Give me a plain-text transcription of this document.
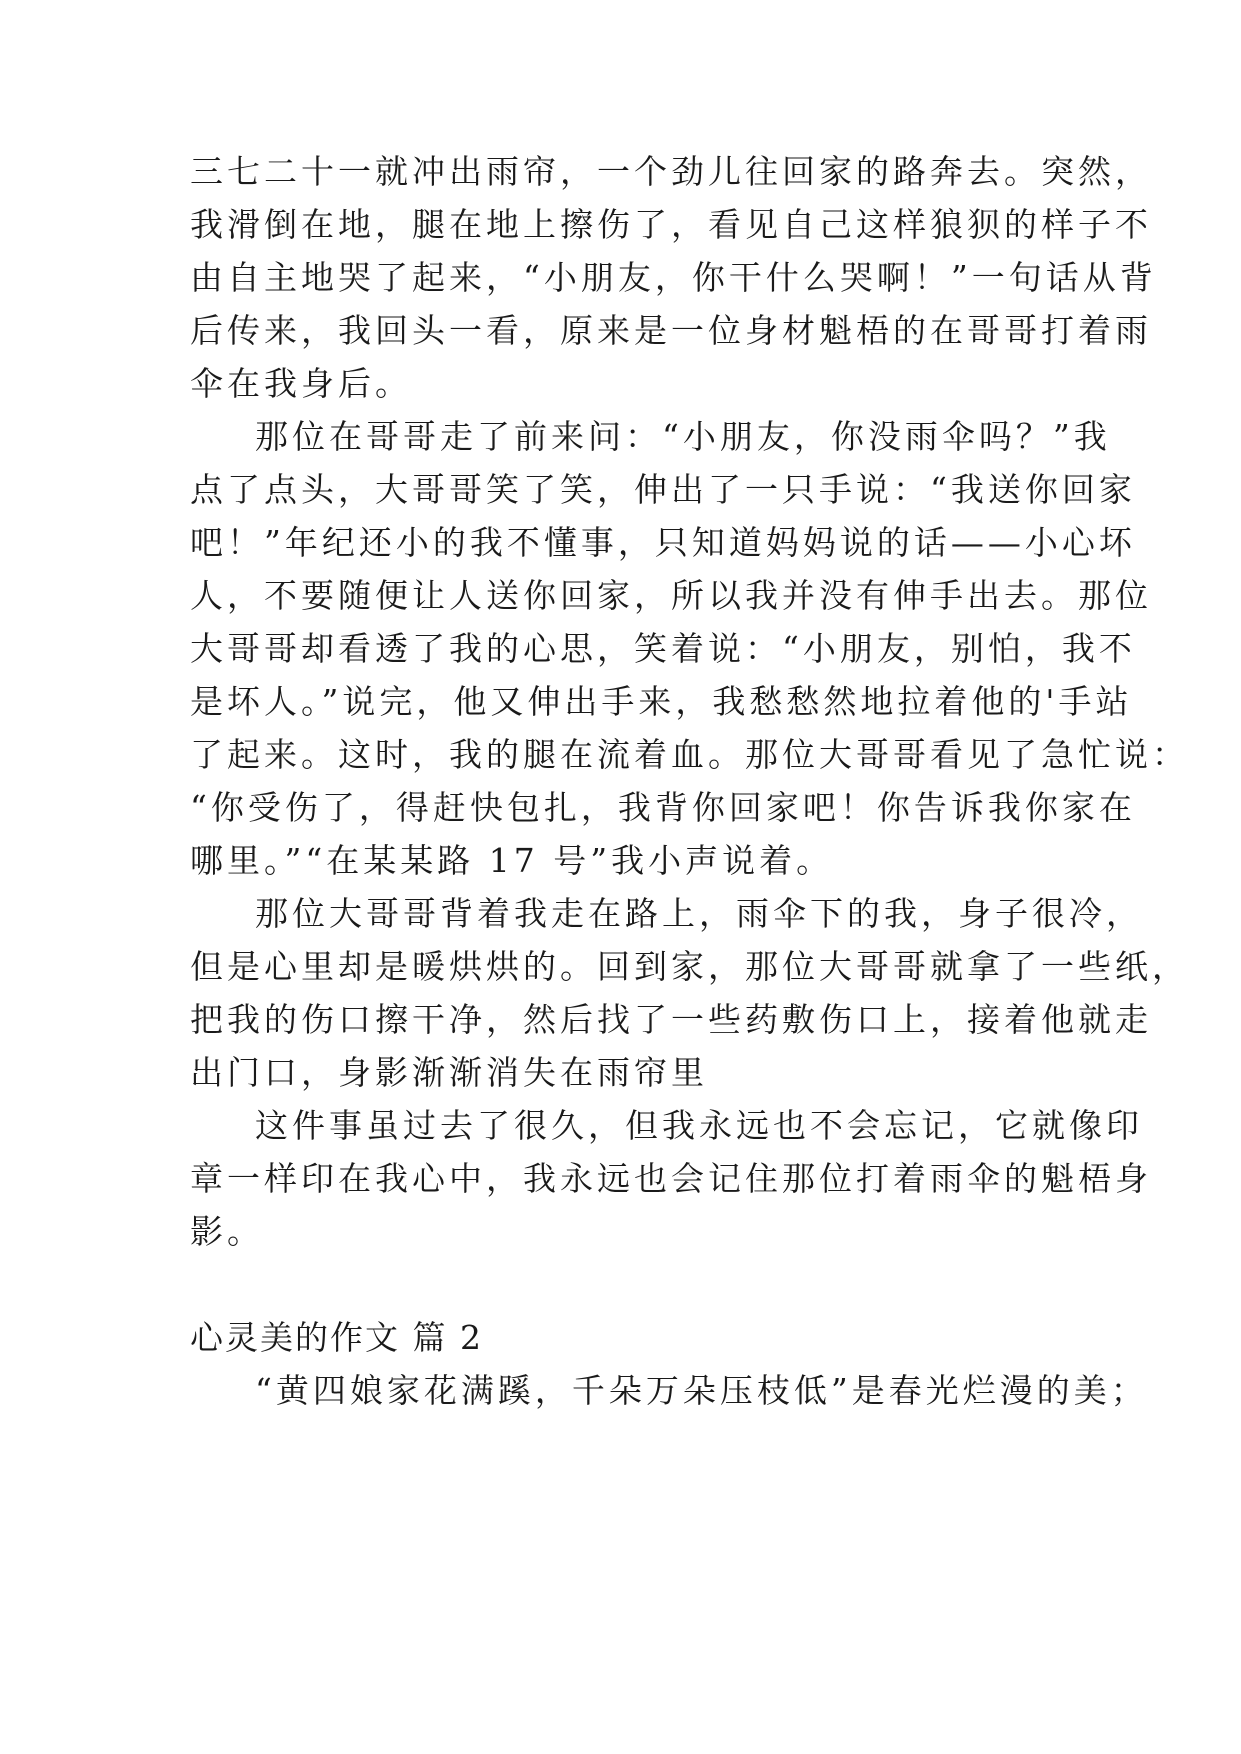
三七二十一就冲出雨帘，一个劲儿往回家的路奔去。突然，
我滑倒在地，腿在地上擦伤了，看见自己这样狼狈的样子不
由自主地哭了起来，“小朋友，你干什么哭啊！”一句话从背
后传来，我回头一看，原来是一位身材魁梧的在哥哥打着雨
伞在我身后。
那位在哥哥走了前来问：“小朋友，你没雨伞吗？”我
点了点头，大哥哥笑了笑，伸出了一只手说：“我送你回家
吧！”年纪还小的我不懂事，只知道妈妈说的话——小心坏
人，不要随便让人送你回家，所以我并没有伸手出去。那位
大哥哥却看透了我的心思，笑着说：“小朋友，别怕，我不
是坏人。”说完，他又伸出手来，我愁愁然地拉着他的'手站
了起来。这时，我的腿在流着血。那位大哥哥看见了急忙说：
“你受伤了，得赶快包扎，我背你回家吧！你告诉我你家在
哪里。”“在某某路 17 号”我小声说着。
那位大哥哥背着我走在路上，雨伞下的我，身子很冷，
但是心里却是暖烘烘的。回到家，那位大哥哥就拿了一些纸，
把我的伤口擦干净，然后找了一些药敷伤口上，接着他就走
出门口，身影渐渐消失在雨帘里
这件事虽过去了很久，但我永远也不会忘记，它就像印
章一样印在我心中，我永远也会记住那位打着雨伞的魁梧身
影。
心灵美的作文 篇 2
“黄四娘家花满蹊，千朵万朵压枝低”是春光烂漫的美；
